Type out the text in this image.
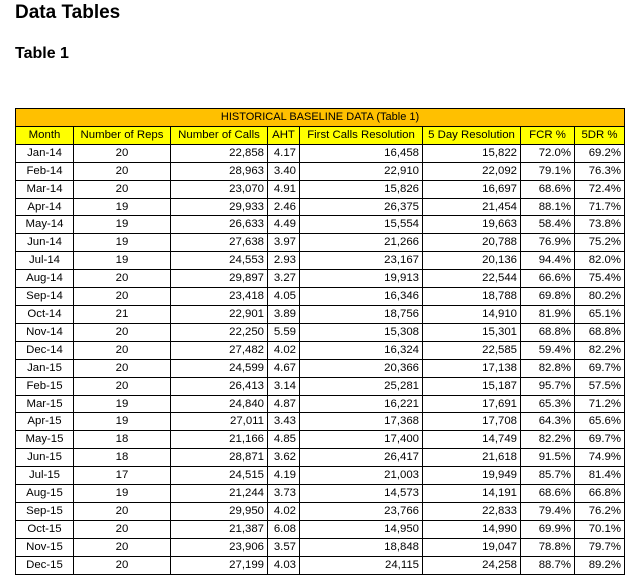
Data Tables
Table 1
HISTORICAL BASELINE DATA (Table 1)							
Month	Number of Reps	Number of Calls	AHT	First Calls Resolution	5 Day Resolution	FCR %	5DR %
Jan-14	20	22,858	4.17	16,458	15,822	72.0%	69.2%
Feb-14	20	28,963	3.40	22,910	22,092	79.1%	76.3%
Mar-14	20	23,070	4.91	15,826	16,697	68.6%	72.4%
Apr-14	19	29,933	2.46	26,375	21,454	88.1%	71.7%
May-14	19	26,633	4.49	15,554	19,663	58.4%	73.8%
Jun-14	19	27,638	3.97	21,266	20,788	76.9%	75.2%
Jul-14	19	24,553	2.93	23,167	20,136	94.4%	82.0%
Aug-14	20	29,897	3.27	19,913	22,544	66.6%	75.4%
Sep-14	20	23,418	4.05	16,346	18,788	69.8%	80.2%
Oct-14	21	22,901	3.89	18,756	14,910	81.9%	65.1%
Nov-14	20	22,250	5.59	15,308	15,301	68.8%	68.8%
Dec-14	20	27,482	4.02	16,324	22,585	59.4%	82.2%
Jan-15	20	24,599	4.67	20,366	17,138	82.8%	69.7%
Feb-15	20	26,413	3.14	25,281	15,187	95.7%	57.5%
Mar-15	19	24,840	4.87	16,221	17,691	65.3%	71.2%
Apr-15	19	27,011	3.43	17,368	17,708	64.3%	65.6%
May-15	18	21,166	4.85	17,400	14,749	82.2%	69.7%
Jun-15	18	28,871	3.62	26,417	21,618	91.5%	74.9%
Jul-15	17	24,515	4.19	21,003	19,949	85.7%	81.4%
Aug-15	19	21,244	3.73	14,573	14,191	68.6%	66.8%
Sep-15	20	29,950	4.02	23,766	22,833	79.4%	76.2%
Oct-15	20	21,387	6.08	14,950	14,990	69.9%	70.1%
Nov-15	20	23,906	3.57	18,848	19,047	78.8%	79.7%
Dec-15	20	27,199	4.03	24,115	24,258	88.7%	89.2%
